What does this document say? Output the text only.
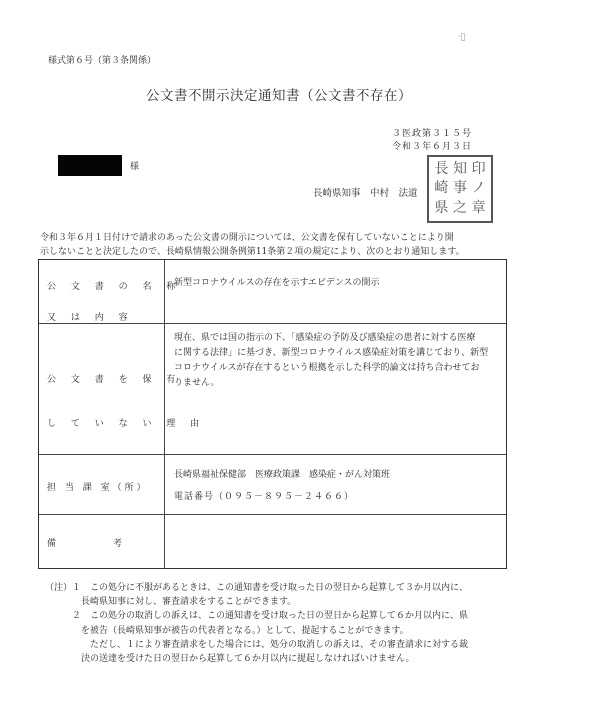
·ﾞ
様式第６号（第３条関係）
公文書不開示決定通知書（公文書不存在）
３医政第３１５号
令和３年６月３日
様
長崎県知事　中村　法道
長 知 印
崎 事 ノ
県 之 章
令和３年６月１日付けで請求のあった公文書の開示については、公文書を保有していないことにより開
示しないことと決定したので、長崎県情報公開条例第11条第２項の規定により、次のとおり通知します。
公 文 書 の 名 称
又 は 内 容
新型コロナウイルスの存在を示すエビデンスの開示
公 文 書 を 保 有
し て い な い 理 由
現在、県では国の指示の下、「感染症の予防及び感染症の患者に対する医療
に関する法律」に基づき、新型コロナウイルス感染症対策を講じており、新型
コロナウイルスが存在するという根拠を示した科学的論文は持ち合わせてお
りません。
担 当 課 室（所）
長崎県福祉保健部　医療政策課　感染症・がん対策班
電話番号（０９５－８９５－２４６６）
備　　　　　考
（注）１　この処分に不服があるときは、この通知書を受け取った日の翌日から起算して３か月以内に、
　　　　長崎県知事に対し、審査請求をすることができます。
　　　２　この処分の取消しの訴えは、この通知書を受け取った日の翌日から起算して６か月以内に、県
　　　　を被告（長崎県知事が被告の代表者となる。）として、提起することができます。
　　　　　ただし、１により審査請求をした場合には、処分の取消しの訴えは、その審査請求に対する裁
　　　　決の送達を受けた日の翌日から起算して６か月以内に提起しなければいけません。
